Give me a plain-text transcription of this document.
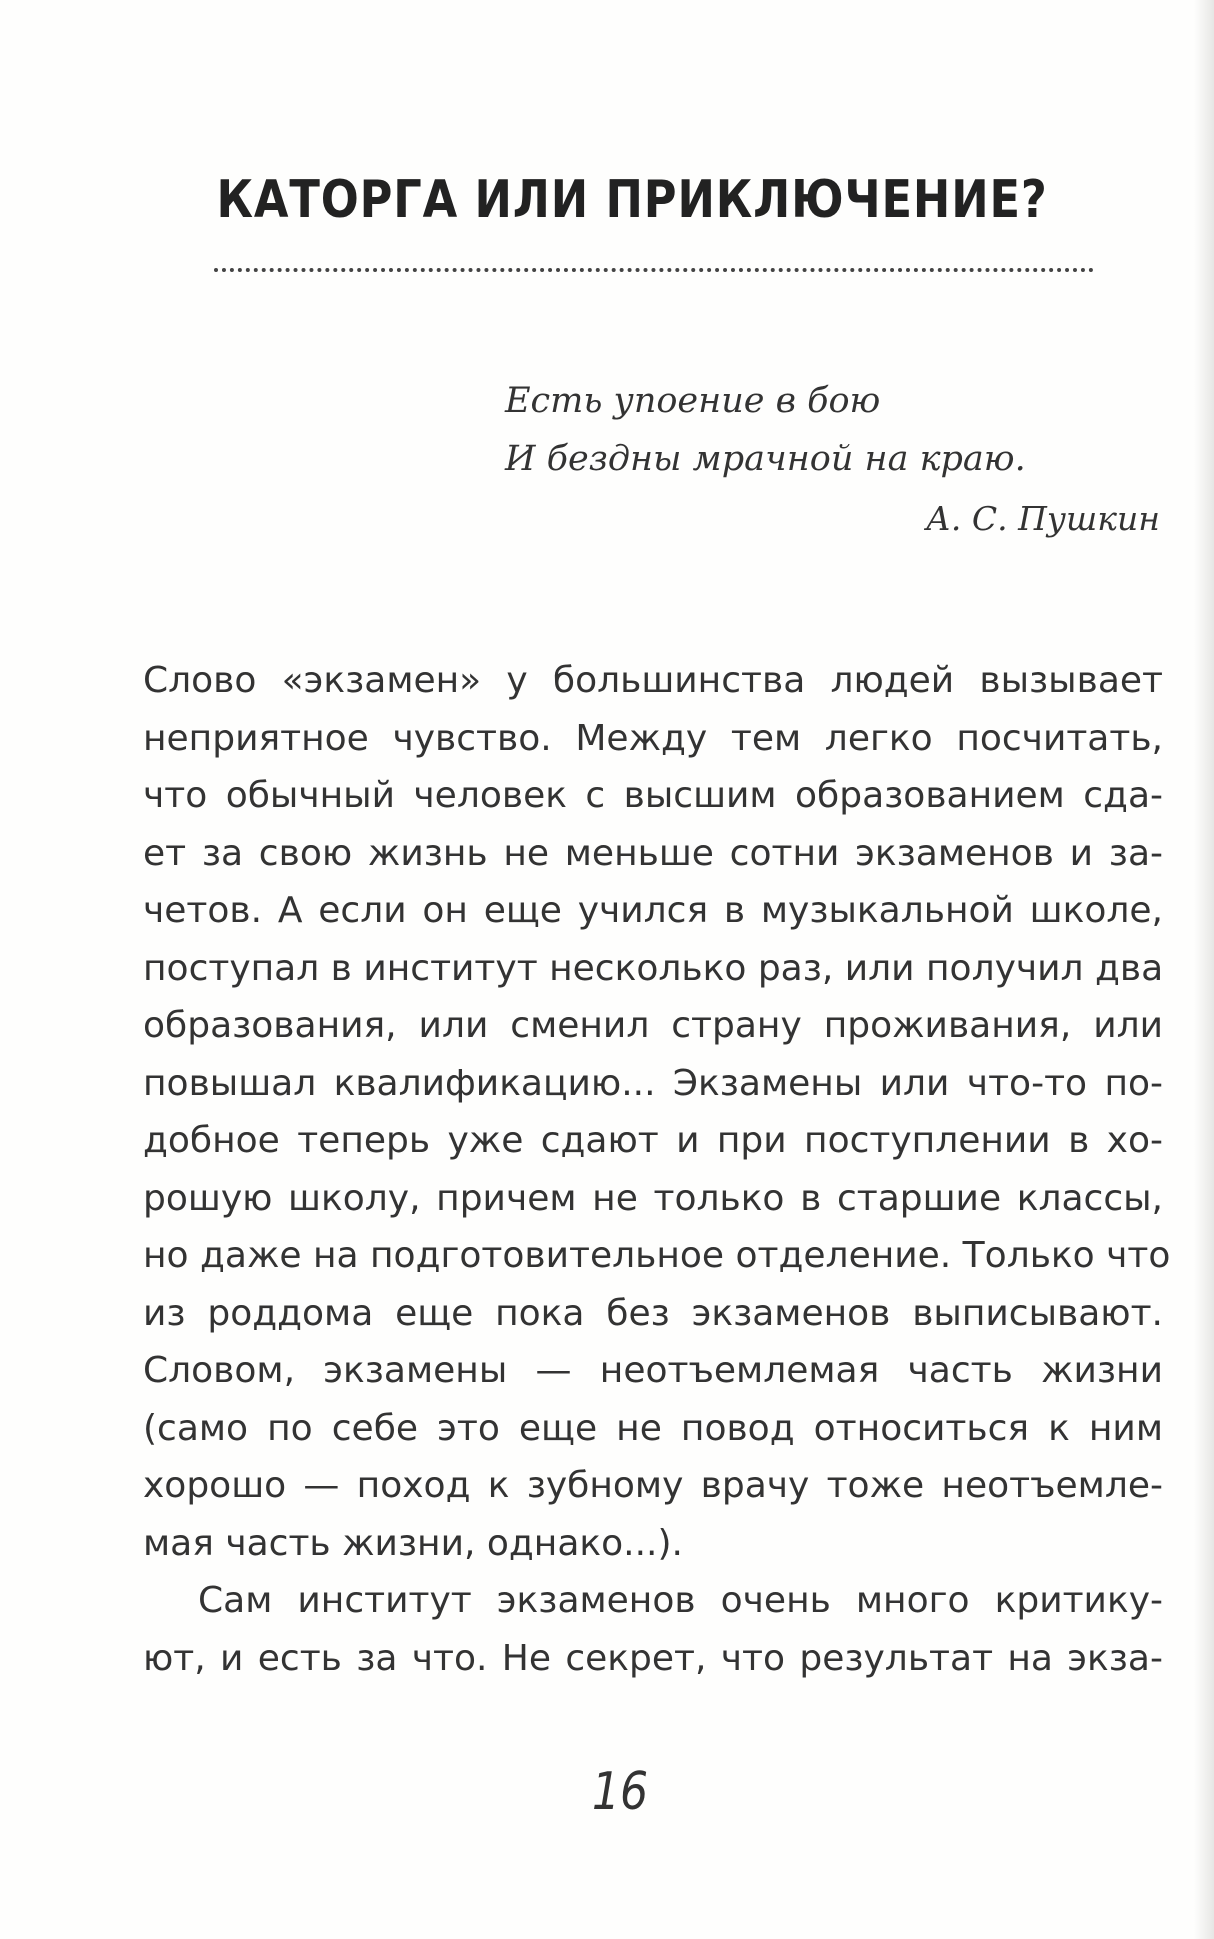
КАТОРГА ИЛИ ПРИКЛЮЧЕНИЕ?
Есть упоение в бою
И бездны мрачной на краю.
А. С. Пушкин
Слово «экзамен» у большинства людей вызывает
неприятное чувство. Между тем легко посчитать,
что обычный человек с высшим образованием сда-
ет за свою жизнь не меньше сотни экзаменов и за-
четов. А если он еще учился в музыкальной школе,
поступал в институт несколько раз, или получил два
образования, или сменил страну проживания, или
повышал квалификацию... Экзамены или что-то по-
добное теперь уже сдают и при поступлении в хо-
рошую школу, причем не только в старшие классы,
но даже на подготовительное отделение. Только что
из роддома еще пока без экзаменов выписывают.
Словом, экзамены — неотъемлемая часть жизни
(само по себе это еще не повод относиться к ним
хорошо — поход к зубному врачу тоже неотъемле-
мая часть жизни, однако...).
Сам институт экзаменов очень много критику-
ют, и есть за что. Не секрет, что результат на экза-
16
